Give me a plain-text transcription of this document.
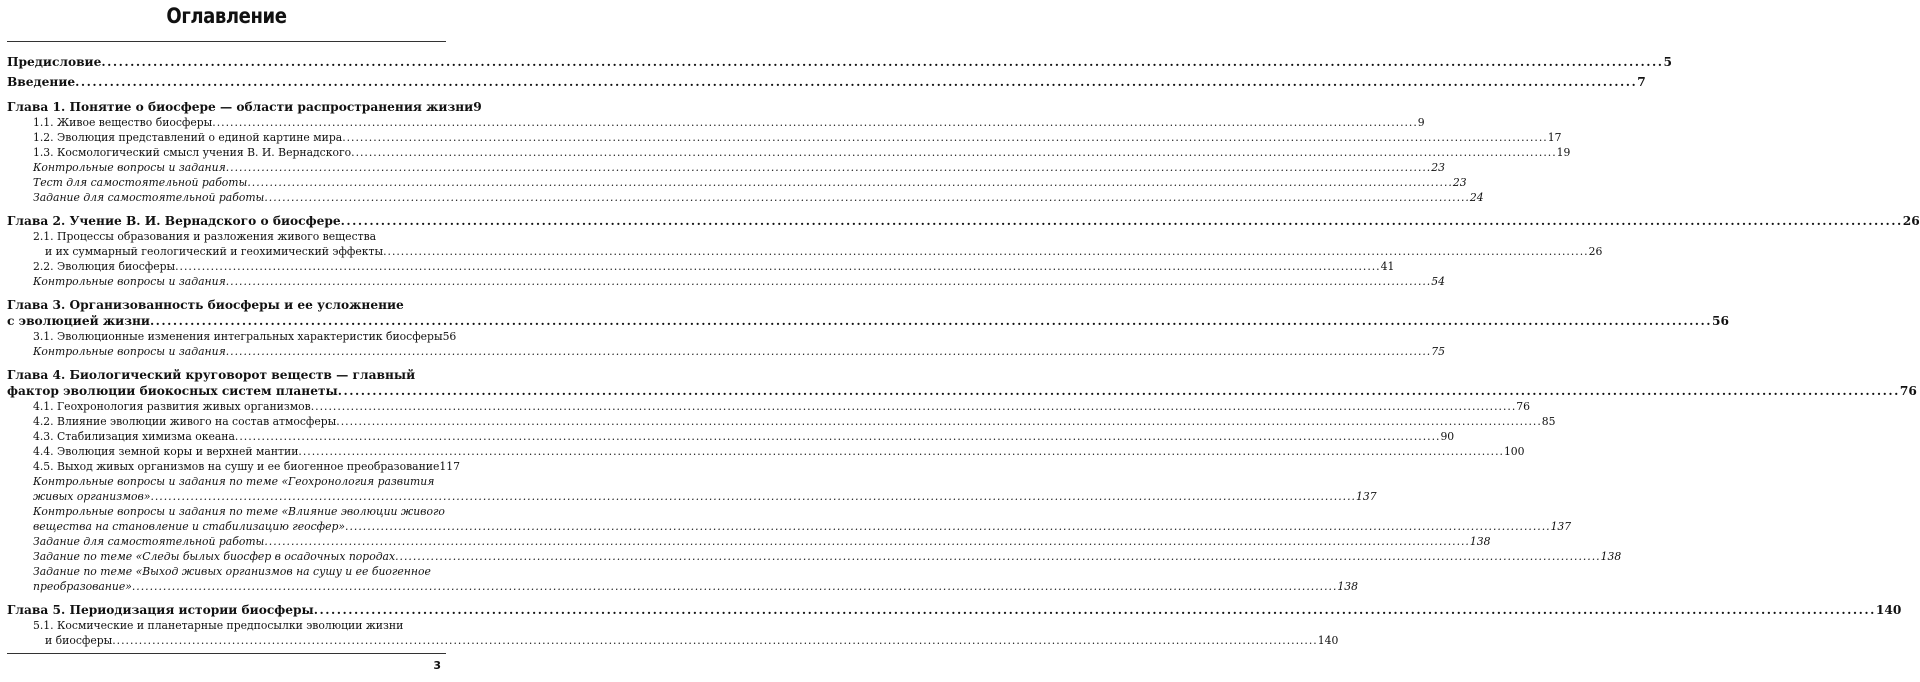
Оглавление
Предисловие .....	5
Введение .....	7
Глава 1. Понятие о биосфере — области распространения жизни 9
1.1. Живое вещество биосферы .....	9
1.2. Эволюция представлений о единой картине мира .....	17
1.3. Космологический смысл учения В. И. Вернадского .....	19
Контрольные вопросы и задания .....	23
Тест для самостоятельной работы .....	23
Задание для самостоятельной работы .....	24
Глава 2. Учение В. И. Вернадского о биосфере .....	26
2.1. Процессы образования и разложения живого вещества
и их суммарный геологический и геохимический эффекты .....	26
2.2. Эволюция биосферы .....	41
Контрольные вопросы и задания .....	54
Глава 3. Организованность биосферы и ее усложнение
с эволюцией жизни .....	56
3.1. Эволюционные изменения интегральных характеристик биосферы 56
Контрольные вопросы и задания .....	75
Глава 4. Биологический круговорот веществ — главный
фактор эволюции биокосных систем планеты .....	76
4.1. Геохронология развития живых организмов .....	76
4.2. Влияние эволюции живого на состав атмосферы .....	85
4.3. Стабилизация химизма океана .....	90
4.4. Эволюция земной коры и верхней мантии .....	100
4.5. Выход живых организмов на сушу и ее биогенное преобразование 117
Контрольные вопросы и задания по теме «Геохронология развития
живых организмов» .....	137
Контрольные вопросы и задания по теме «Влияние эволюции живого
вещества на становление и стабилизацию геосфер» .....	137
Задание для самостоятельной работы .....	138
Задание по теме «Следы былых биосфер в осадочных породах .....	138
Задание по теме «Выход живых организмов на сушу и ее биогенное
преобразование» .....	138
Глава 5. Периодизация истории биосферы .....	140
5.1. Космические и планетарные предпосылки эволюции жизни
и биосферы .....	140
3
